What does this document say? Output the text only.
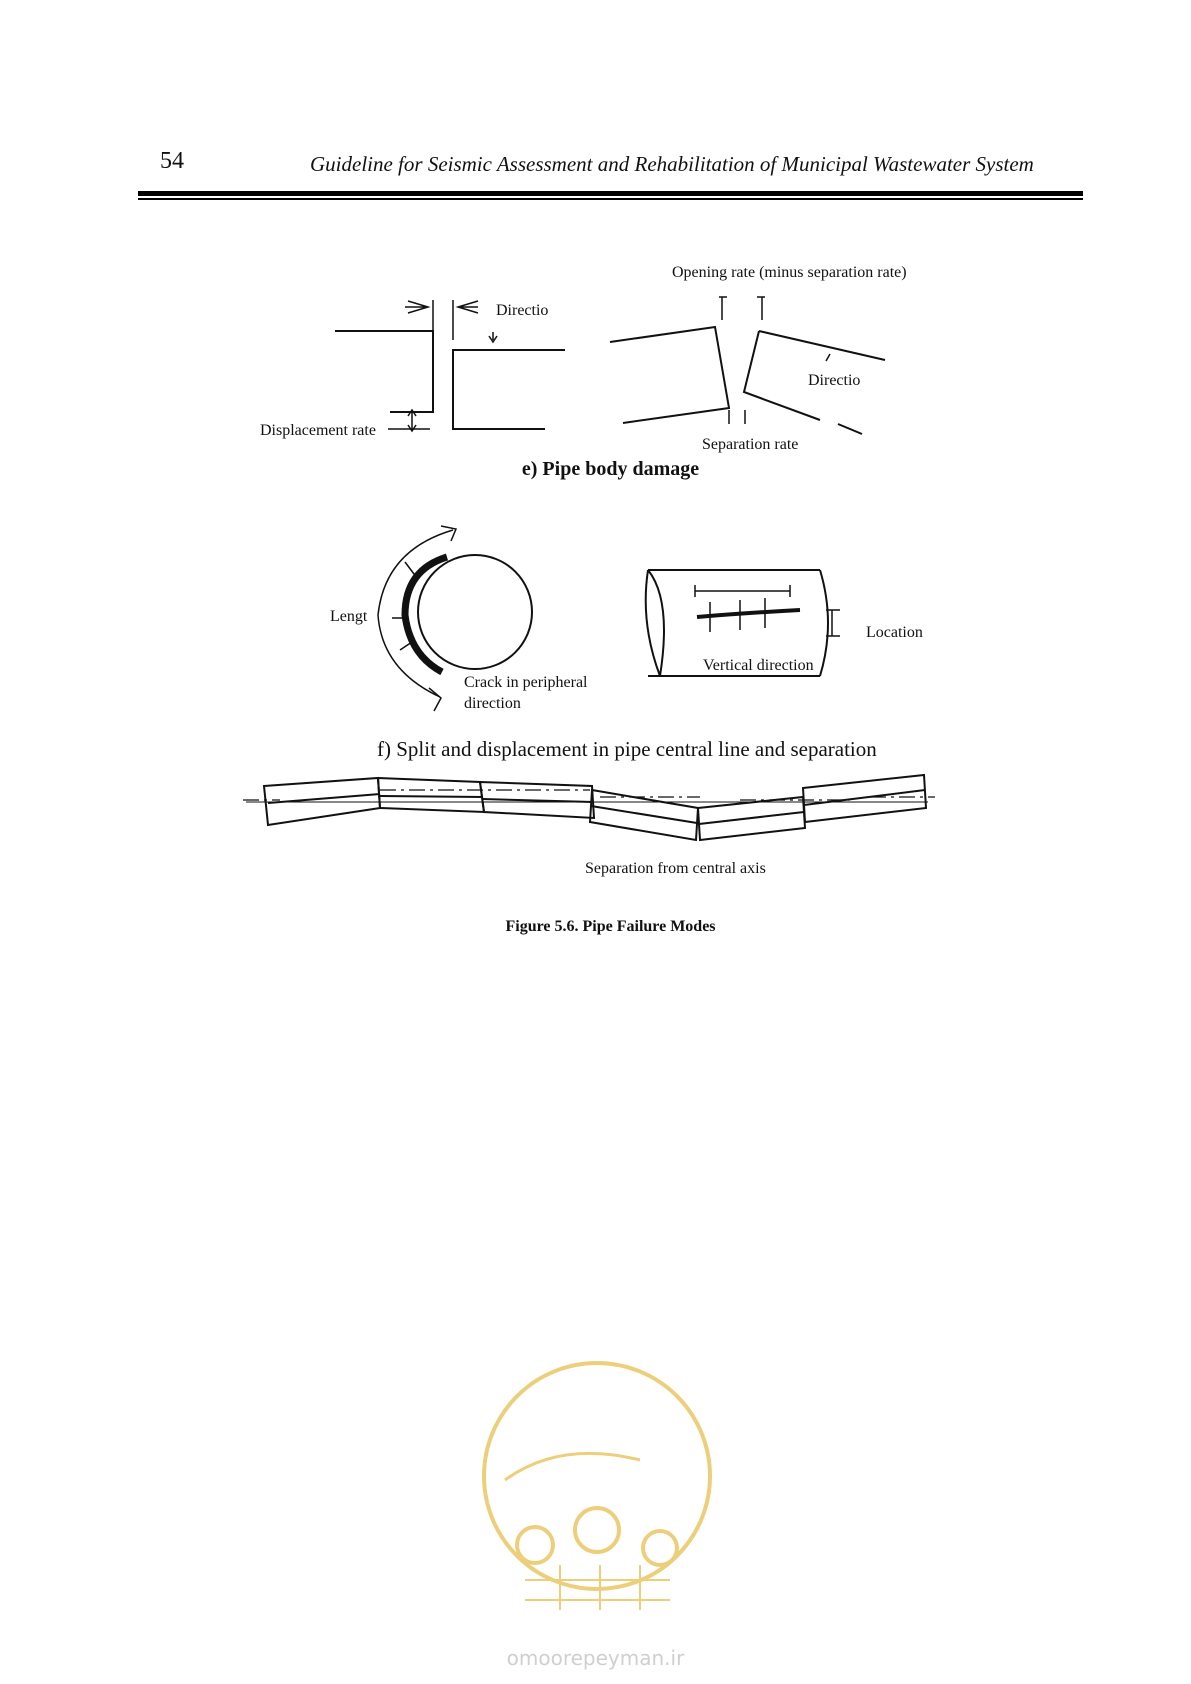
54	Guideline for Seismic Assessment and Rehabilitation of Municipal Wastewater System
Opening rate (minus separation rate)
Directio
Directio
Displacement rate
Separation rate
e) Pipe body damage
Lengt
Crack in peripheral
direction
Vertical direction
Location
f) Split and displacement in pipe central line and separation
Separation from central axis
Figure 5.6. Pipe Failure Modes
omoorepeyman.ir
